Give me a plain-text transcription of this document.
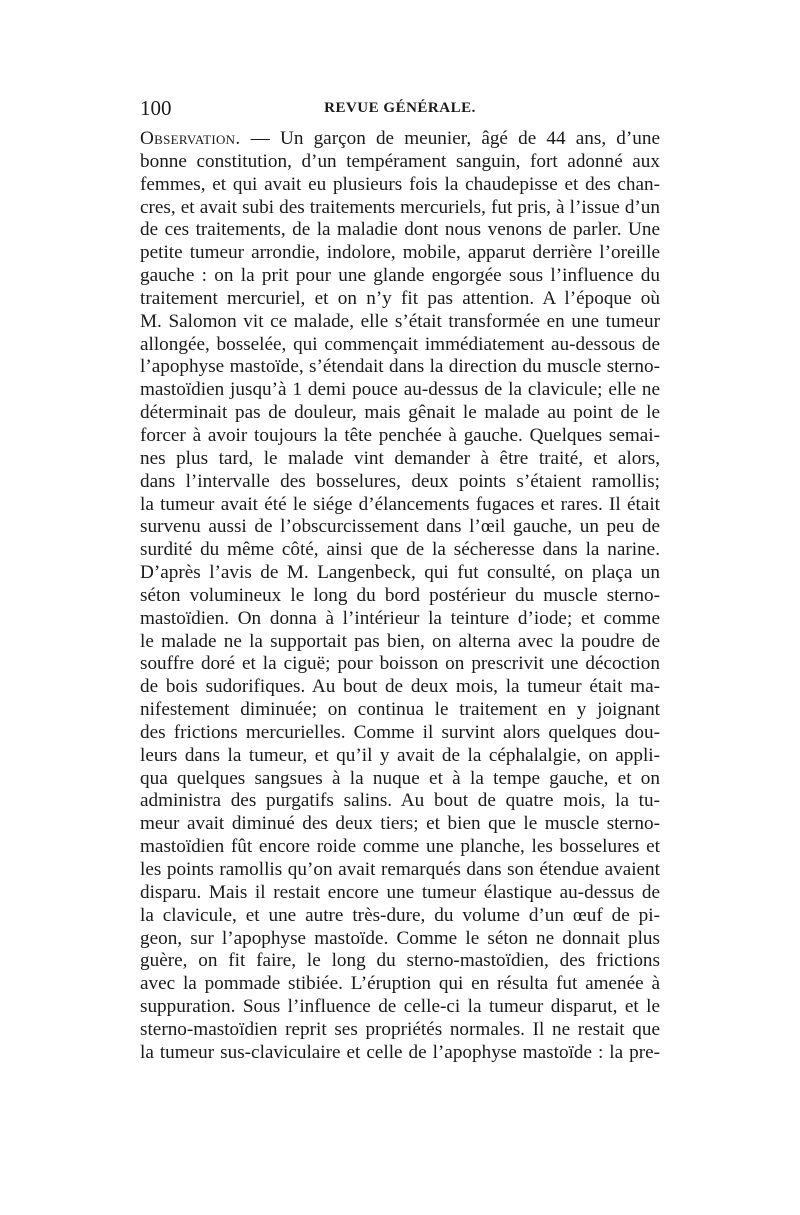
100	REVUE GÉNÉRALE.
Observation. — Un garçon de meunier, âgé de 44 ans, d’une
bonne constitution, d’un tempérament sanguin, fort adonné aux
femmes, et qui avait eu plusieurs fois la chaudepisse et des chan-
cres, et avait subi des traitements mercuriels, fut pris, à l’issue d’un
de ces traitements, de la maladie dont nous venons de parler. Une
petite tumeur arrondie, indolore, mobile, apparut derrière l’oreille
gauche : on la prit pour une glande engorgée sous l’influence du
traitement mercuriel, et on n’y fit pas attention. A l’époque où
M. Salomon vit ce malade, elle s’était transformée en une tumeur
allongée, bosselée, qui commençait immédiatement au-dessous de
l’apophyse mastoïde, s’étendait dans la direction du muscle sterno-
mastoïdien jusqu’à 1 demi pouce au-dessus de la clavicule; elle ne
déterminait pas de douleur, mais gênait le malade au point de le
forcer à avoir toujours la tête penchée à gauche. Quelques semai-
nes plus tard, le malade vint demander à être traité, et alors,
dans l’intervalle des bosselures, deux points s’étaient ramollis;
la tumeur avait été le siége d’élancements fugaces et rares. Il était
survenu aussi de l’obscurcissement dans l’œil gauche, un peu de
surdité du même côté, ainsi que de la sécheresse dans la narine.
D’après l’avis de M. Langenbeck, qui fut consulté, on plaça un
séton volumineux le long du bord postérieur du muscle sterno-
mastoïdien. On donna à l’intérieur la teinture d’iode; et comme
le malade ne la supportait pas bien, on alterna avec la poudre de
souffre doré et la ciguë; pour boisson on prescrivit une décoction
de bois sudorifiques. Au bout de deux mois, la tumeur était ma-
nifestement diminuée; on continua le traitement en y joignant
des frictions mercurielles. Comme il survint alors quelques dou-
leurs dans la tumeur, et qu’il y avait de la céphalalgie, on appli-
qua quelques sangsues à la nuque et à la tempe gauche, et on
administra des purgatifs salins. Au bout de quatre mois, la tu-
meur avait diminué des deux tiers; et bien que le muscle sterno-
mastoïdien fût encore roide comme une planche, les bosselures et
les points ramollis qu’on avait remarqués dans son étendue avaient
disparu. Mais il restait encore une tumeur élastique au-dessus de
la clavicule, et une autre très-dure, du volume d’un œuf de pi-
geon, sur l’apophyse mastoïde. Comme le séton ne donnait plus
guère, on fit faire, le long du sterno-mastoïdien, des frictions
avec la pommade stibiée. L’éruption qui en résulta fut amenée à
suppuration. Sous l’influence de celle-ci la tumeur disparut, et le
sterno-mastoïdien reprit ses propriétés normales. Il ne restait que
la tumeur sus-claviculaire et celle de l’apophyse mastoïde : la pre-
